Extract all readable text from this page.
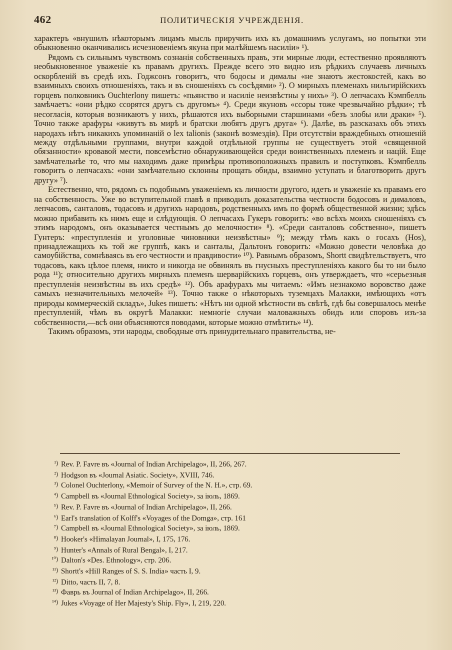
462	ПОЛИТИЧЕСКІЯ УЧРЕЖДЕНІЯ.

характеръ «внушилъ нѣкоторымъ лицамъ мысль приручить ихъ къ домашнимъ услугамъ, но попытки эти обыкновенно оканчивались исчезновеніемъ якуна при малѣйшемъ насиліи» ¹).

Рядомъ съ сильнымъ чувствомъ сознанія собственныхъ правъ, эти мирные люди, естественно проявляютъ необыкновенное уваженіе къ правамъ другихъ. Прежде всего это видно изъ рѣдкихъ случаевъ личныхъ оскорбленій въ средѣ ихъ. Годжсонъ говоритъ, что бодосы и дималы «не знаютъ жестокостей, какъ во взаимныхъ своихъ отношеніяхъ, такъ и въ сношеніяхъ съ сосѣдями» ²). О мирныхъ племенахъ нильгирійскихъ горцевъ полковникъ Ouchterlony пишетъ: «пьянство и насиліе неизвѣстны у нихъ» ³). О лепчасахъ Кэмпбелль замѣчаетъ: «они рѣдко ссорятся другъ съ другомъ» ⁴). Среди якуновъ «ссоры тоже чрезвычайно рѣдки»; тѣ несогласія, которыя возникаютъ у нихъ, рѣшаются ихъ выборными старшинами «безъ злобы или драки» ⁵). Точно также арафуры «живутъ въ мирѣ и братски любятъ другъ друга» ⁶). Далѣе, въ разсказахъ объ этихъ народахъ нѣтъ никакихъ упоминаній о lex talionis (законѣ возмездія). При отсутствіи враждебныхъ отношеній между отдѣльными группами, внутри каждой отдѣльной группы не существуетъ этой «священной обязанности» кровавой мести, повсемѣстно обнаруживающейся среди воинственныхъ племенъ и націй. Еще замѣчательнѣе то, что мы находимъ даже примѣры противоположныхъ правилъ и поступковъ. Кэмпбелль говоритъ о лепчасахъ: «они замѣчательно склонны прощать обиды, взаимно уступать и благотворить другъ другу» ⁷).

Естественно, что, рядомъ съ подобнымъ уваженіемъ къ личности другого, идетъ и уваженіе къ правамъ его на собственность. Уже во вступительной главѣ я приводилъ доказательства честности бодосовъ и дималовъ, лепчасовъ, санталовъ, тодасовъ и другихъ народовъ, родственныхъ имъ по формѣ общественной жизни; здѣсь можно прибавить къ нимъ еще и слѣдующія. О лепчасахъ Гукеръ говоритъ: «во всѣхъ моихъ сношеніяхъ съ этимъ народомъ, онъ оказывается честнымъ до мелочности» ⁸). «Среди санталовъ собственно», пишетъ Гунтеръ: «преступленія и уголовные чиновники неизвѣстны» ⁹); между тѣмъ какъ о госахъ (Hos), принадлежащихъ къ той же группѣ, какъ и санталы, Дальтонъ говоритъ: «Можно довести человѣка до самоубійства, сомнѣваясь въ его честности и правдивости» ¹⁰). Равнымъ образомъ, Shortt свидѣтельствуетъ, что тодасовъ, какъ цѣлое племя, никто и никогда не обвинялъ въ гнусныхъ преступленіяхъ какого бы то ни было рода ¹¹); относительно другихъ мирныхъ племенъ шерварійскихъ горцевъ, онъ утверждаетъ, что «серьезныя преступленія неизвѣстны въ ихъ средѣ» ¹²). Объ арафурахъ мы читаемъ: «Имъ незнакомо воровство даже самыхъ незначительныхъ мелочей» ¹³). Точно также о нѣкоторыхъ туземцахъ Малакки, имѣющихъ «отъ природы коммерческій складъ», Jukes пишетъ: «Нѣтъ ни одной мѣстности въ свѣтѣ, гдѣ бы совершалось менѣе преступленій, чѣмъ въ округѣ Малакки: немногіе случаи маловажныхъ обидъ или споровъ изъ-за собственности,—всѣ они объясняются поводами, которые можно отмѣтить» ¹⁴).

Такимъ образомъ, эти народы, свободные отъ принудительнаго правительства, не-

¹) Rev. P. Favre въ «Journal of Indian Archipelago», II, 266, 267.
²) Hodgson въ «Journal Asiatic. Society», XVIII, 746.
³) Colonel Ouchterlony, «Memoir of Survey of the N. H.», стр. 69.
⁴) Campbell въ «Journal Ethnological Society», за іюль, 1869.
⁵) Rev. P. Favre въ «Journal of Indian Archipelago», II, 266.
⁶) Earl's translation of Kolff's «Voyages of the Domga», стр. 161
⁷) Campbell въ «Journal Ethnological Society», за іюль, 1869.
⁸) Hooker's «Himalayan Journal», I, 175, 176.
⁹) Hunter's «Annals of Rural Bengal», I, 217.
¹⁰) Dalton's «Des. Ethnology», стр. 206.
¹¹) Shortt's «Hill Ranges of S. S. India» часть I, 9.
¹²) Ditto, часть II, 7, 8.
¹³) Фаврь въ Journal of Indian Archipelago», II, 266.
¹⁴) Jukes «Voyage of Her Majesty's Ship. Fly», I, 219, 220.
